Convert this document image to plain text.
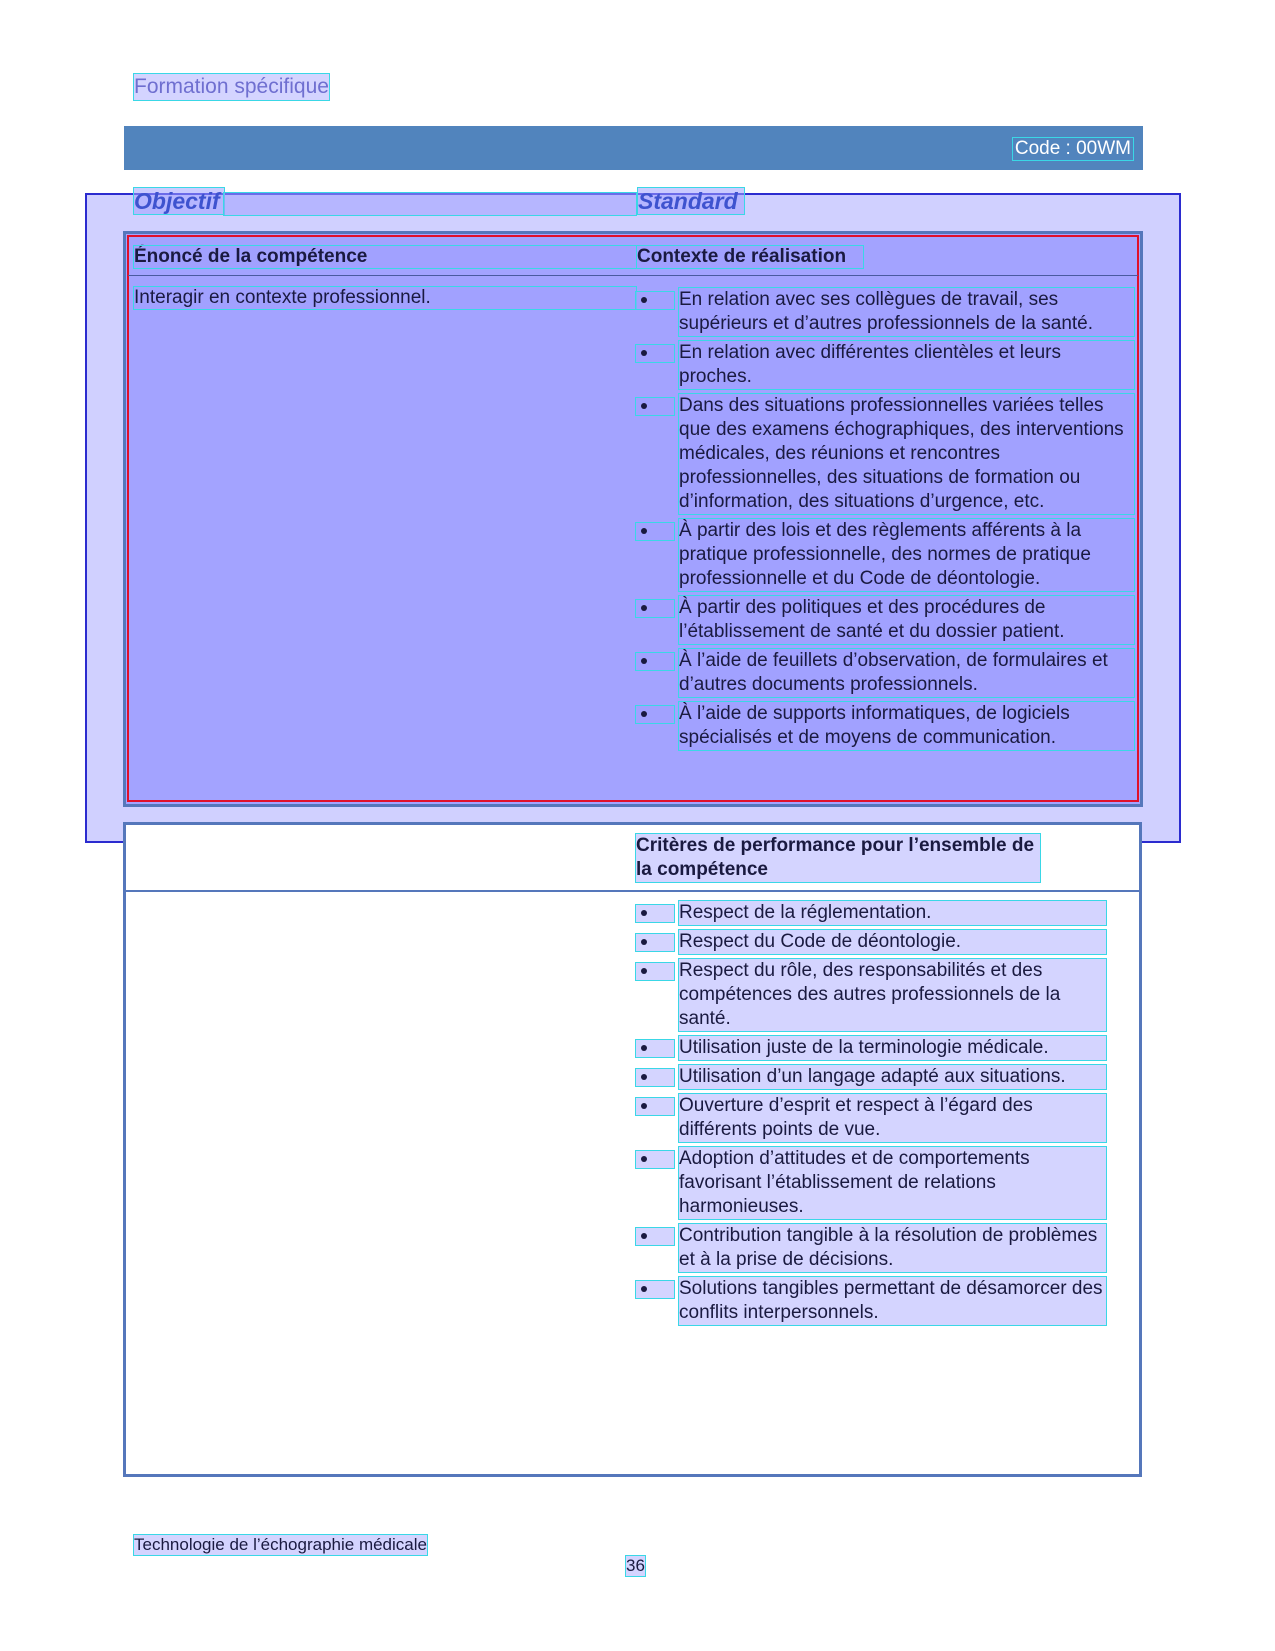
Formation spécifique
Code : 00WM
Objectif	Standard
Énoncé de la compétence	Contexte de réalisation
Interagir en contexte professionnel.	En relation avec ses collègues de travail, ses supérieurs et d’autres professionnels de la santé.
En relation avec différentes clientèles et leurs proches.
Dans des situations professionnelles variées telles que des examens échographiques, des interventions médicales, des réunions et rencontres professionnelles, des situations de formation ou d’information, des situations d’urgence, etc.
À partir des lois et des règlements afférents à la pratique professionnelle, des normes de pratique professionnelle et du Code de déontologie.
À partir des politiques et des procédures de l’établissement de santé et du dossier patient.
À l’aide de feuillets d’observation, de formulaires et d’autres documents professionnels.
À l’aide de supports informatiques, de logiciels spécialisés et de moyens de communication.
Critères de performance pour l’ensemble de la compétence
Respect de la réglementation.
Respect du Code de déontologie.
Respect du rôle, des responsabilités et des compétences des autres professionnels de la santé.
Utilisation juste de la terminologie médicale.
Utilisation d’un langage adapté aux situations.
Ouverture d’esprit et respect à l’égard des différents points de vue.
Adoption d’attitudes et de comportements favorisant l’établissement de relations harmonieuses.
Contribution tangible à la résolution de problèmes et à la prise de décisions.
Solutions tangibles permettant de désamorcer des conflits interpersonnels.
Technologie de l’échographie médicale
36
